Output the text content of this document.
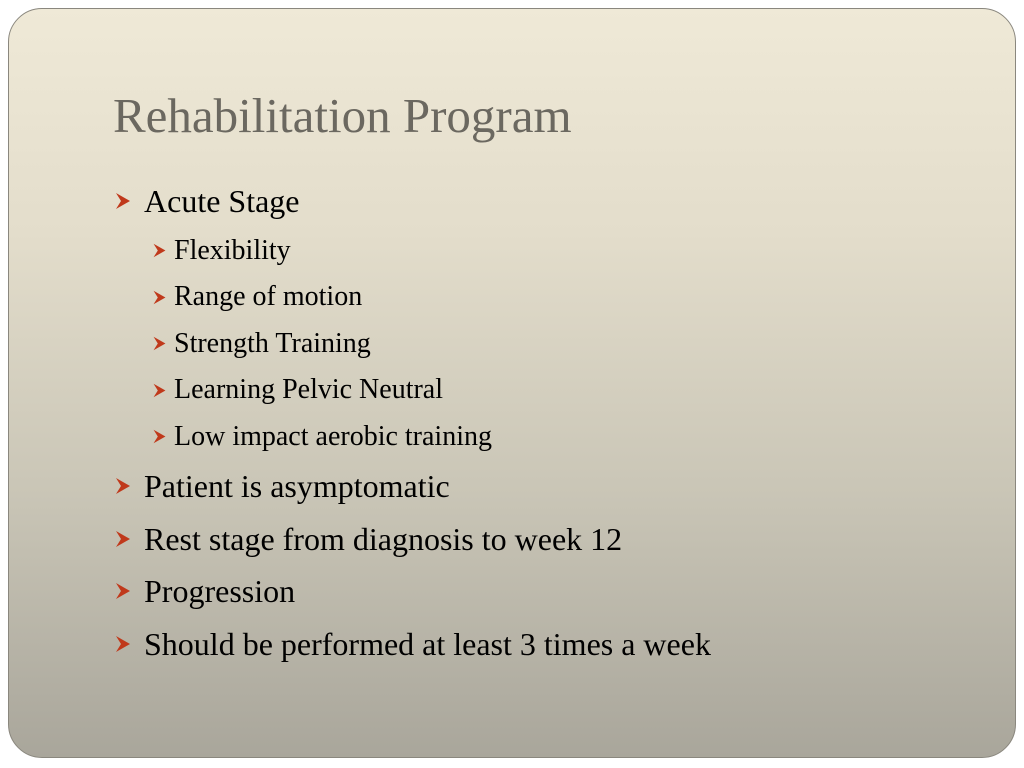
Rehabilitation Program
Acute Stage
Flexibility
Range of motion
Strength Training
Learning Pelvic Neutral
Low impact aerobic training
Patient is asymptomatic
Rest stage from diagnosis to week 12
Progression
Should be performed at least 3 times a week
